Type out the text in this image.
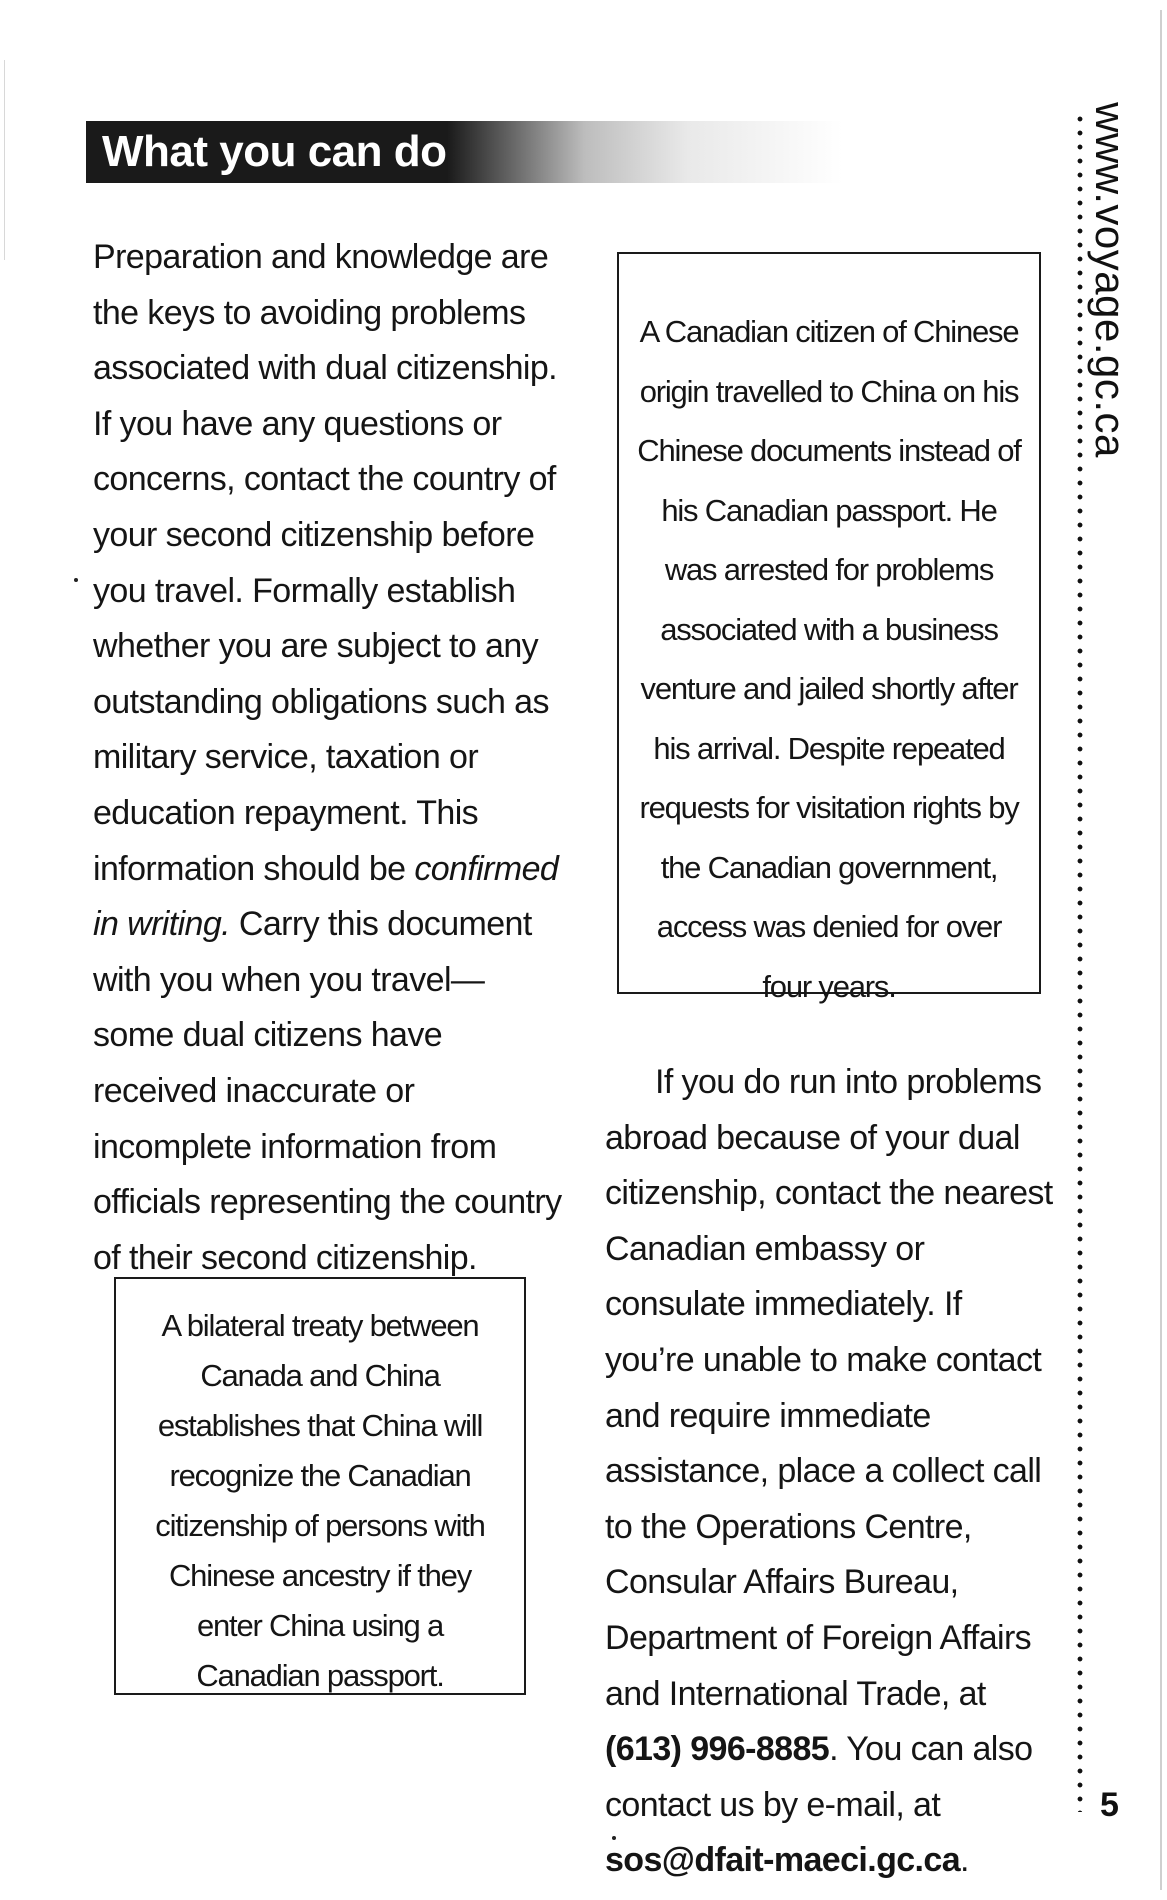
What you can do

Preparation and knowledge are the keys to avoiding problems associated with dual citizenship. If you have any questions or concerns, contact the country of your second citizenship before you travel. Formally establish whether you are subject to any outstanding obligations such as military service, taxation or education repayment. This information should be confirmed in writing. Carry this document with you when you travel—some dual citizens have received inaccurate or incomplete information from officials representing the country of their second citizenship.

A Canadian citizen of Chinese origin travelled to China on his Chinese documents instead of his Canadian passport. He was arrested for problems associated with a business venture and jailed shortly after his arrival. Despite repeated requests for visitation rights by the Canadian government, access was denied for over four years.

A bilateral treaty between Canada and China establishes that China will recognize the Canadian citizenship of persons with Chinese ancestry if they enter China using a Canadian passport.

If you do run into problems abroad because of your dual citizenship, contact the nearest Canadian embassy or consulate immediately. If you’re unable to make contact and require immediate assistance, place a collect call to the Operations Centre, Consular Affairs Bureau, Department of Foreign Affairs and International Trade, at (613) 996-8885. You can also contact us by e-mail, at sos@dfait-maeci.gc.ca.

www.voyage.gc.ca
5
